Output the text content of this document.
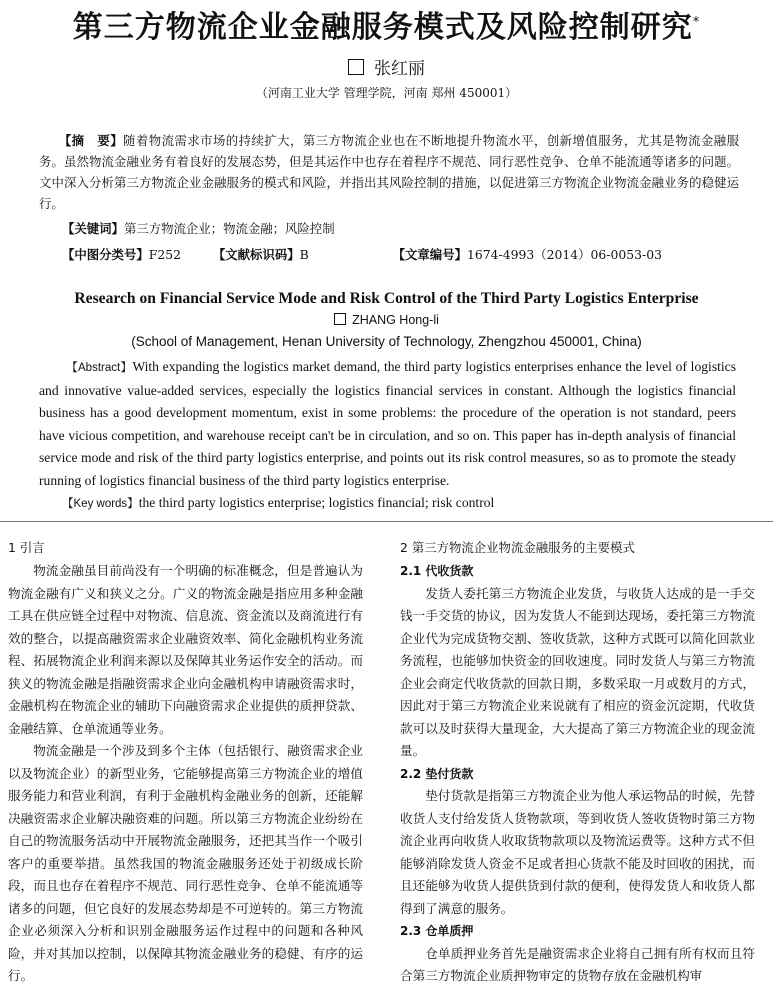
第三方物流企业金融服务模式及风险控制研究*
张红丽
（河南工业大学 管理学院，河南 郑州 450001）
【摘　要】随着物流需求市场的持续扩大，第三方物流企业也在不断地提升物流水平，创新增值服务，尤其是物流金融服务。虽然物流金融业务有着良好的发展态势，但是其运作中也存在着程序不规范、同行恶性竞争、仓单不能流通等诸多的问题。文中深入分析第三方物流企业金融服务的模式和风险，并指出其风险控制的措施，以促进第三方物流企业物流金融业务的稳健运行。
【关键词】第三方物流企业；物流金融；风险控制
【中图分类号】F252	【文献标识码】B	【文章编号】1674-4993（2014）06-0053-03
Research on Financial Service Mode and Risk Control of the Third Party Logistics Enterprise
ZHANG Hong-li
(School of Management, Henan University of Technology, Zhengzhou 450001, China)
【Abstract】With expanding the logistics market demand, the third party logistics enterprises enhance the level of logistics and innovative value-added services, especially the logistics financial services in constant. Although the logistics financial business has a good development momentum, exist in some problems: the procedure of the operation is not standard, peers have vicious competition, and warehouse receipt can't be in circulation, and so on. This paper has in-depth analysis of financial service mode and risk of the third party logistics enterprise, and points out its risk control measures, so as to promote the steady running of logistics financial business of the third party logistics enterprise.
【Key words】the third party logistics enterprise; logistics financial; risk control
1 引言

物流金融虽目前尚没有一个明确的标准概念，但是普遍认为物流金融有广义和狭义之分。广义的物流金融是指应用多种金融工具在供应链全过程中对物流、信息流、资金流以及商流进行有效的整合，以提高融资需求企业融资效率、简化金融机构业务流程、拓展物流企业利润来源以及保障其业务运作安全的活动。而狭义的物流金融是指融资需求企业向金融机构申请融资需求时，金融机构在物流企业的辅助下向融资需求企业提供的质押贷款、金融结算、仓单流通等业务。

物流金融是一个涉及到多个主体（包括银行、融资需求企业以及物流企业）的新型业务，它能够提高第三方物流企业的增值服务能力和营业利润，有利于金融机构金融业务的创新，还能解决融资需求企业解决融资难的问题。所以第三方物流企业纷纷在自己的物流服务活动中开展物流金融服务，还把其当作一个吸引客户的重要举措。虽然我国的物流金融服务还处于初级成长阶段，而且也存在着程序不规范、同行恶性竞争、仓单不能流通等诸多的问题，但它良好的发展态势却是不可逆转的。第三方物流企业必须深入分析和识别金融服务运作过程中的问题和各种风险，并对其加以控制，以保障其物流金融业务的稳健、有序的运行。

2 第三方物流企业物流金融服务的主要模式
2.1 代收货款

发货人委托第三方物流企业发货，与收货人达成的是一手交钱一手交货的协议，因为发货人不能到达现场，委托第三方物流企业代为完成货物交割、签收货款，这种方式既可以简化回款业务流程，也能够加快资金的回收速度。同时发货人与第三方物流企业会商定代收货款的回款日期，多数采取一月或数月的方式，因此对于第三方物流企业来说就有了相应的资金沉淀期，代收货款可以及时获得大量现金，大大提高了第三方物流企业的现金流量。

2.2 垫付货款

垫付货款是指第三方物流企业为他人承运物品的时候，先替收货人支付给发货人货物款项，等到收货人签收货物时第三方物流企业再向收货人收取货物款项以及物流运费等。这种方式不但能够消除发货人资金不足或者担心货款不能及时回收的困扰，而且还能够为收货人提供货到付款的便利，使得发货人和收货人都得到了满意的服务。

2.3 仓单质押

仓单质押业务首先是融资需求企业将自己拥有所有权而且符合第三方物流企业质押物审定的货物存放在金融机构审
